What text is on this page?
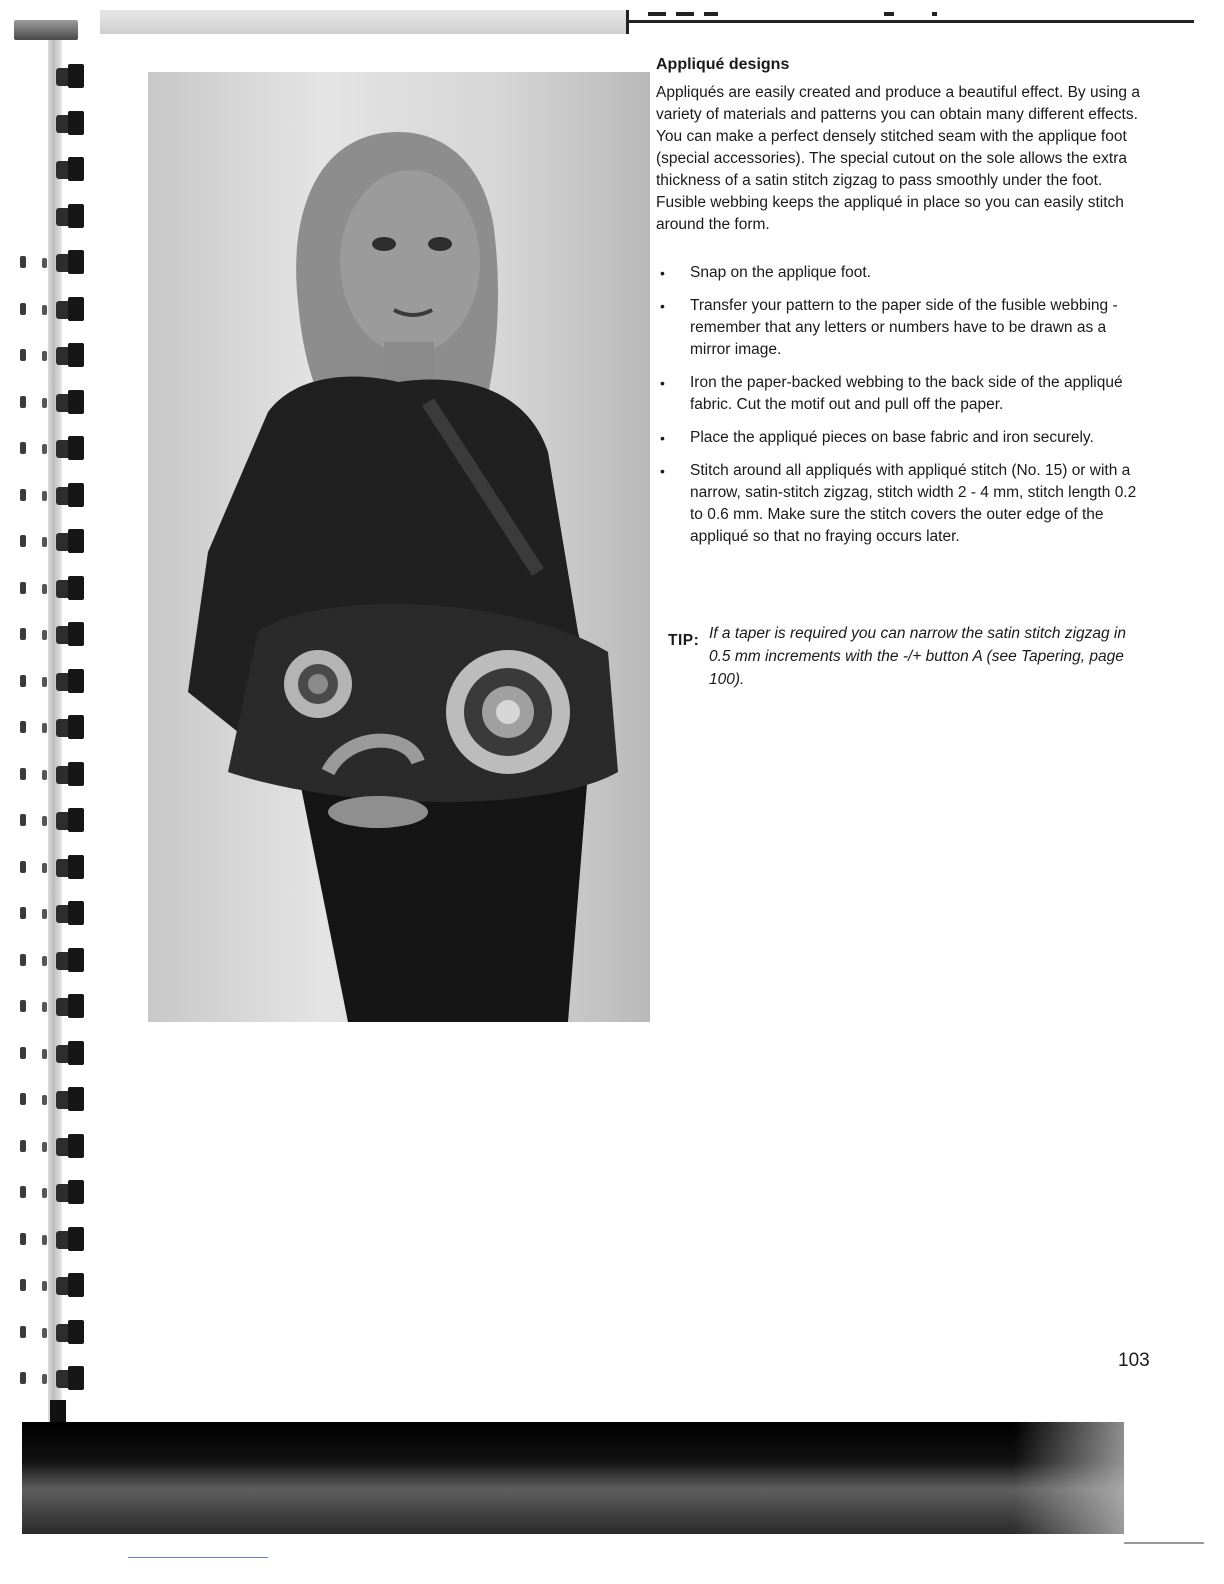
Appliqué designs

Appliqués are easily created and produce a beautiful effect. By using a variety of materials and patterns you can obtain many different effects. You can make a perfect densely stitched seam with the applique foot (special accessories). The special cutout on the sole allows the extra thickness of a satin stitch zigzag to pass smoothly under the foot. Fusible webbing keeps the appliqué in place so you can easily stitch around the form.

• Snap on the applique foot.
• Transfer your pattern to the paper side of the fusible webbing - remember that any letters or numbers have to be drawn as a mirror image.
• Iron the paper-backed webbing to the back side of the appliqué fabric. Cut the motif out and pull off the paper.
• Place the appliqué pieces on base fabric and iron securely.
• Stitch around all appliqués with appliqué stitch (No. 15) or with a narrow, satin-stitch zigzag, stitch width 2 - 4 mm, stitch length 0.2 to 0.6 mm. Make sure the stitch covers the outer edge of the appliqué so that no fraying occurs later.
TIP: If a taper is required you can narrow the satin stitch zigzag in 0.5 mm increments with the -/+ button A (see Tapering, page 100).
103
